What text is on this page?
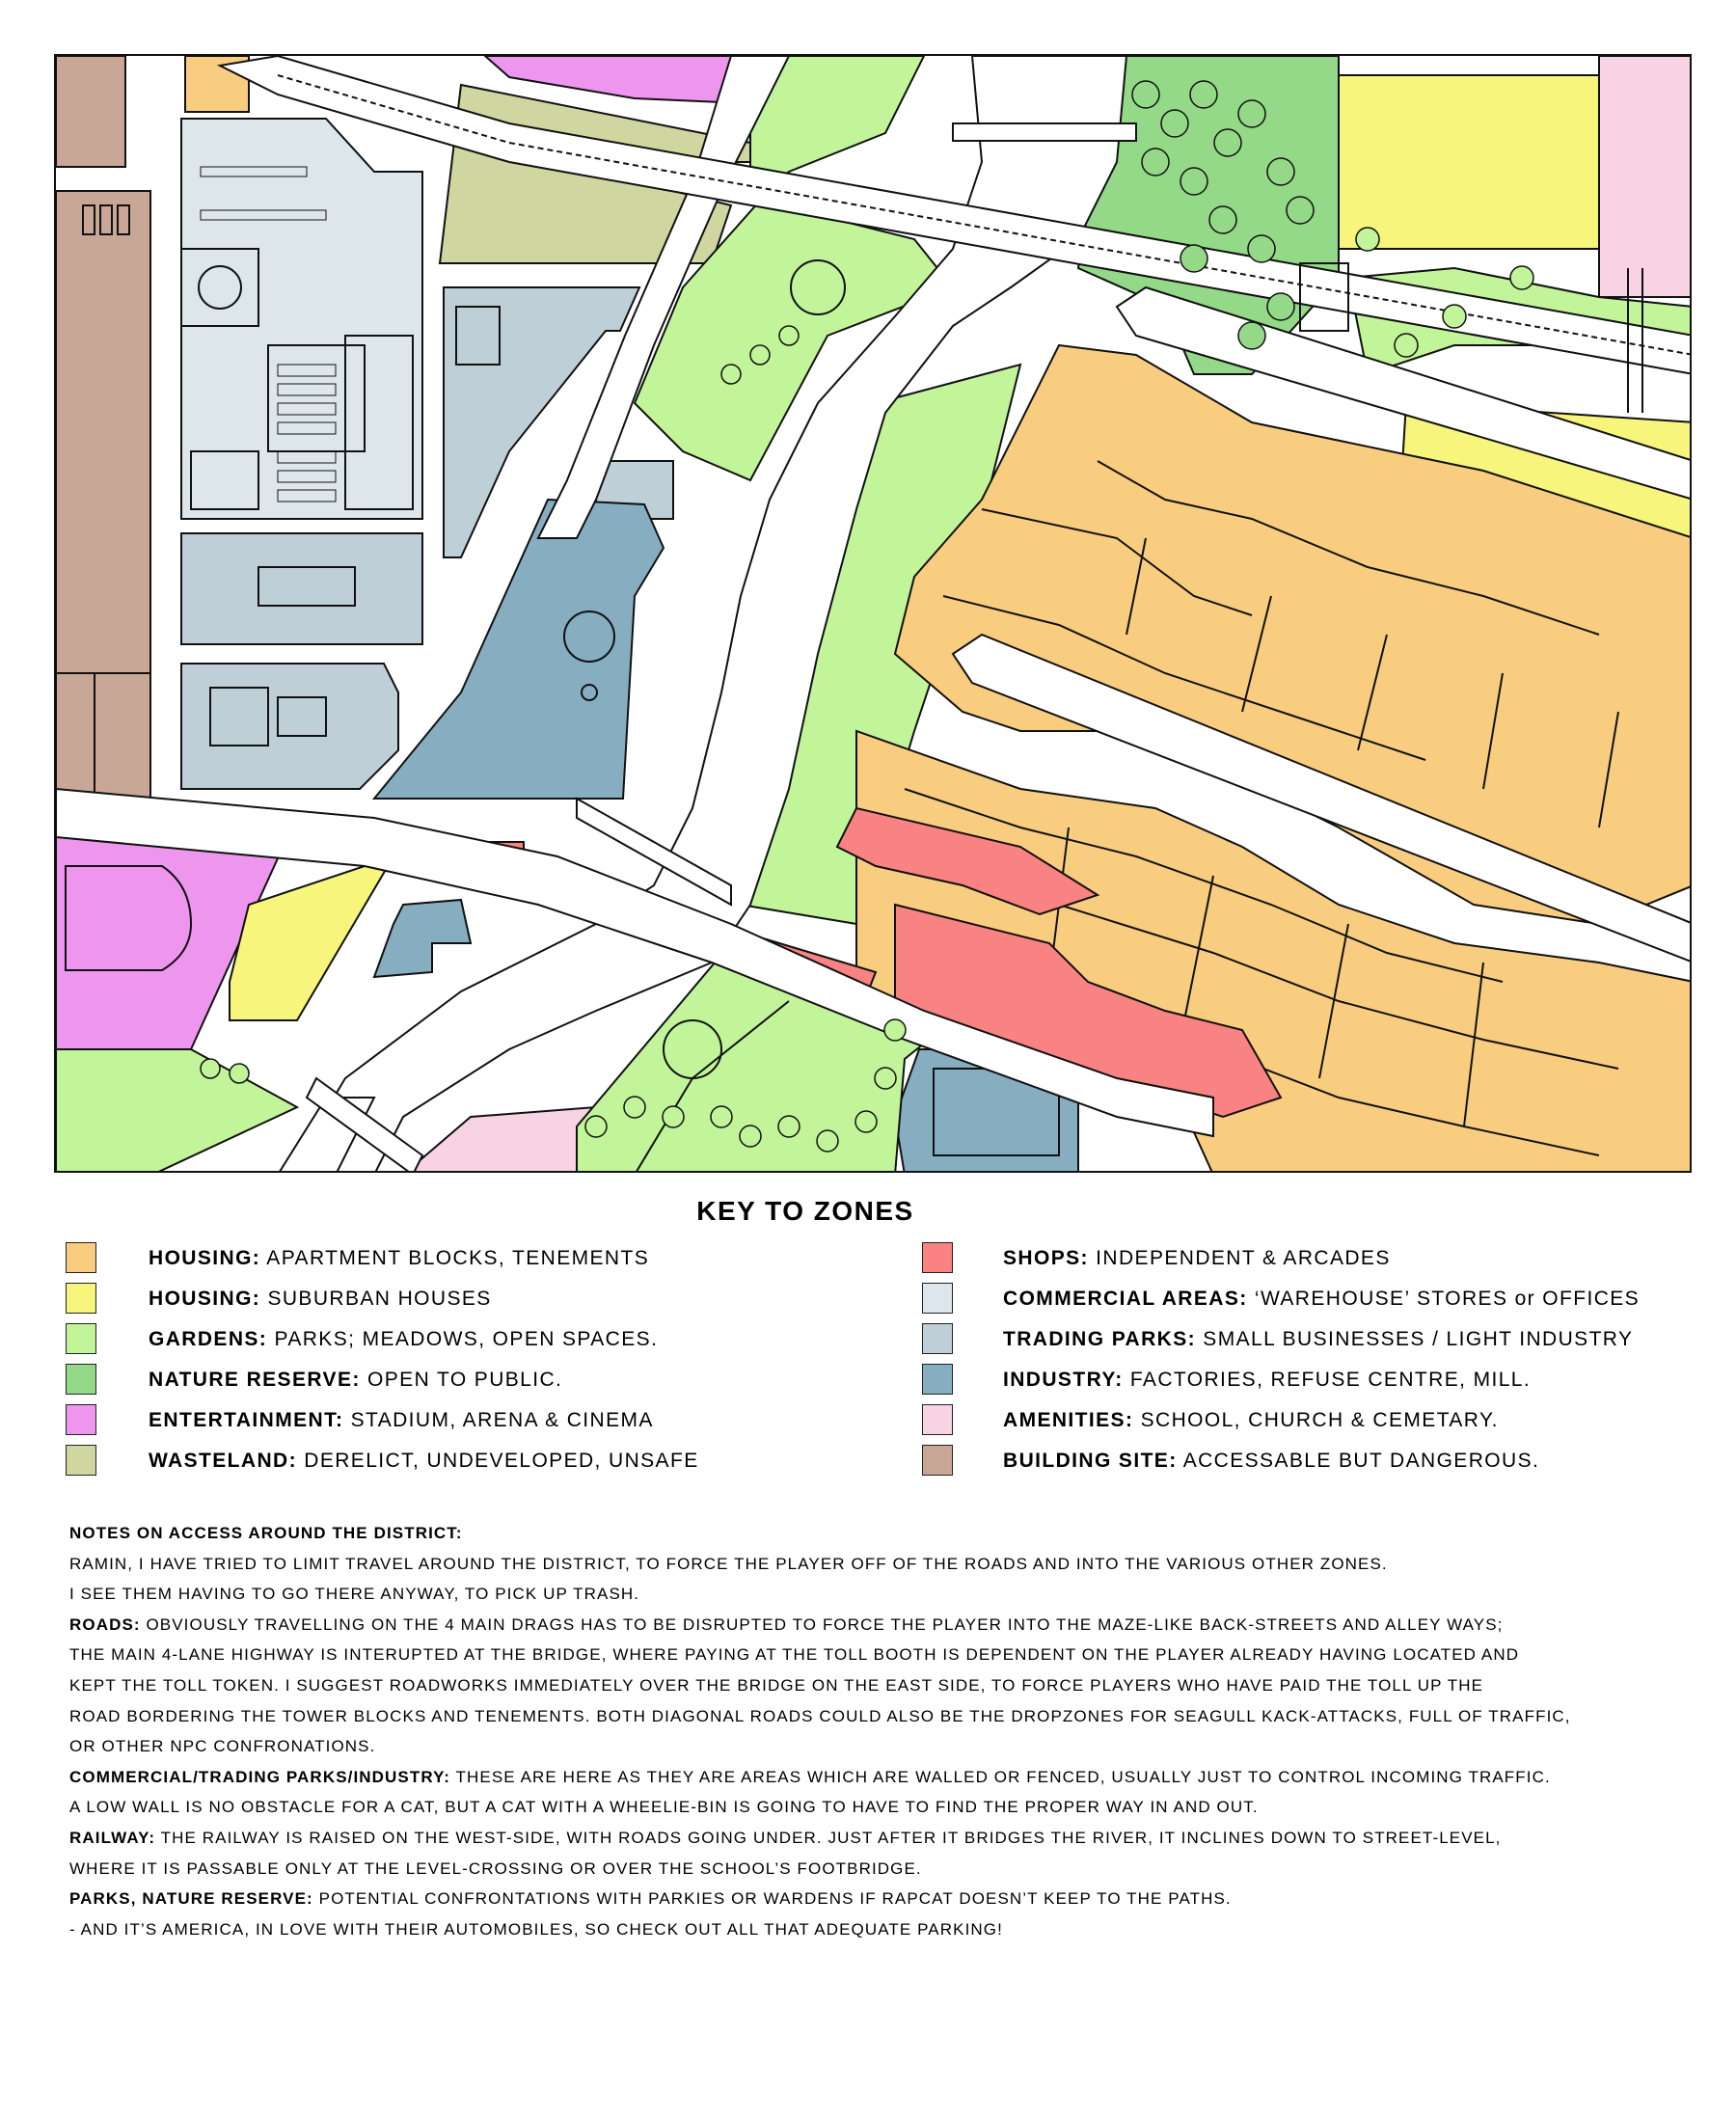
KEY TO ZONES
HOUSING: APARTMENT BLOCKS, TENEMENTS
HOUSING: SUBURBAN HOUSES
GARDENS: PARKS; MEADOWS, OPEN SPACES.
NATURE RESERVE: OPEN TO PUBLIC.
ENTERTAINMENT: STADIUM, ARENA & CINEMA
WASTELAND: DERELICT, UNDEVELOPED, UNSAFE
SHOPS: INDEPENDENT & ARCADES
COMMERCIAL AREAS: ‘WAREHOUSE’ STORES or OFFICES
TRADING PARKS: SMALL BUSINESSES / LIGHT INDUSTRY
INDUSTRY: FACTORIES, REFUSE CENTRE, MILL.
AMENITIES: SCHOOL, CHURCH & CEMETARY.
BUILDING SITE: ACCESSABLE BUT DANGEROUS.

NOTES ON ACCESS AROUND THE DISTRICT:

RAMIN, I HAVE TRIED TO LIMIT TRAVEL AROUND THE DISTRICT, TO FORCE THE PLAYER OFF OF THE ROADS AND INTO THE VARIOUS OTHER ZONES.

I SEE THEM HAVING TO GO THERE ANYWAY, TO PICK UP TRASH.

ROADS: OBVIOUSLY TRAVELLING ON THE 4 MAIN DRAGS HAS TO BE DISRUPTED TO FORCE THE PLAYER INTO THE MAZE-LIKE BACK-STREETS AND ALLEY WAYS;

THE MAIN 4-LANE HIGHWAY IS INTERUPTED AT THE BRIDGE, WHERE PAYING AT THE TOLL BOOTH IS DEPENDENT ON THE PLAYER ALREADY HAVING LOCATED AND

KEPT THE TOLL TOKEN. I SUGGEST ROADWORKS IMMEDIATELY OVER THE BRIDGE ON THE EAST SIDE, TO FORCE PLAYERS WHO HAVE PAID THE TOLL UP THE

ROAD BORDERING THE TOWER BLOCKS AND TENEMENTS. BOTH DIAGONAL ROADS COULD ALSO BE THE DROPZONES FOR SEAGULL KACK-ATTACKS, FULL OF TRAFFIC,

OR OTHER NPC CONFRONATIONS.

COMMERCIAL/TRADING PARKS/INDUSTRY: THESE ARE HERE AS THEY ARE AREAS WHICH ARE WALLED OR FENCED, USUALLY JUST TO CONTROL INCOMING TRAFFIC.

A LOW WALL IS NO OBSTACLE FOR A CAT, BUT A CAT WITH A WHEELIE-BIN IS GOING TO HAVE TO FIND THE PROPER WAY IN AND OUT.

RAILWAY: THE RAILWAY IS RAISED ON THE WEST-SIDE, WITH ROADS GOING UNDER. JUST AFTER IT BRIDGES THE RIVER, IT INCLINES DOWN TO STREET-LEVEL,

WHERE IT IS PASSABLE ONLY AT THE LEVEL-CROSSING OR OVER THE SCHOOL’S FOOTBRIDGE.

PARKS, NATURE RESERVE: POTENTIAL CONFRONTATIONS WITH PARKIES OR WARDENS IF RAPCAT DOESN’T KEEP TO THE PATHS.

- AND IT’S AMERICA, IN LOVE WITH THEIR AUTOMOBILES, SO CHECK OUT ALL THAT ADEQUATE PARKING!
